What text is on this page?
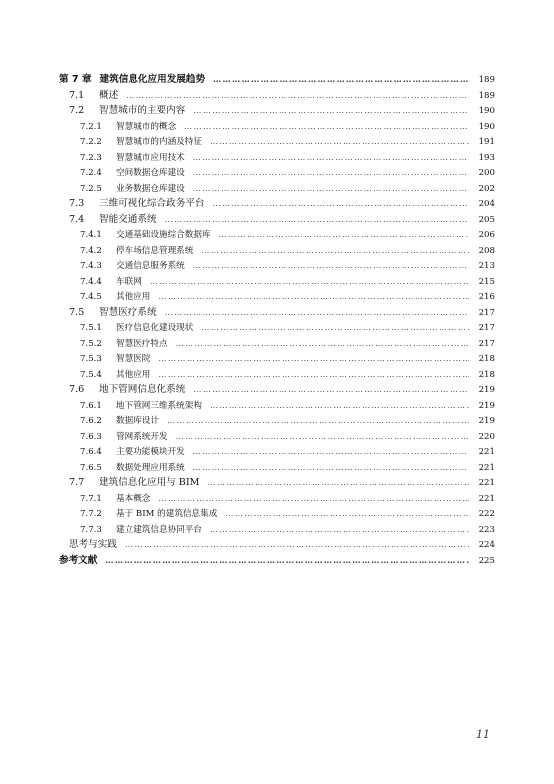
第 7 章 建筑信息化应用发展趋势 ……………………………………………………………………………………………………………………………………………………………………………	189
7.1	概述 ……………………………………………………………………………………………………………………………………………………………………………	189
7.2	智慧城市的主要内容 ……………………………………………………………………………………………………………………………………………………………………………	190
7.2.1	智慧城市的概念 ……………………………………………………………………………………………………………………………………………………………………………	190
7.2.2	智慧城市的内涵及特征 ……………………………………………………………………………………………………………………………………………………………………………	191
7.2.3	智慧城市应用技术 ……………………………………………………………………………………………………………………………………………………………………………	193
7.2.4	空间数据仓库建设 ……………………………………………………………………………………………………………………………………………………………………………	200
7.2.5	业务数据仓库建设 ……………………………………………………………………………………………………………………………………………………………………………	202
7.3	三维可视化综合政务平台 ……………………………………………………………………………………………………………………………………………………………………………	204
7.4	智能交通系统 ……………………………………………………………………………………………………………………………………………………………………………	205
7.4.1	交通基础设施综合数据库 ……………………………………………………………………………………………………………………………………………………………………………	206
7.4.2	停车场信息管理系统 ……………………………………………………………………………………………………………………………………………………………………………	208
7.4.3	交通信息服务系统 ……………………………………………………………………………………………………………………………………………………………………………	213
7.4.4	车联网 ……………………………………………………………………………………………………………………………………………………………………………	215
7.4.5	其他应用 ……………………………………………………………………………………………………………………………………………………………………………	216
7.5	智慧医疗系统 ……………………………………………………………………………………………………………………………………………………………………………	217
7.5.1	医疗信息化建设现状 ……………………………………………………………………………………………………………………………………………………………………………	217
7.5.2	智慧医疗特点 ……………………………………………………………………………………………………………………………………………………………………………	217
7.5.3	智慧医院 ……………………………………………………………………………………………………………………………………………………………………………	218
7.5.4	其他应用 ……………………………………………………………………………………………………………………………………………………………………………	218
7.6	地下管网信息化系统 ……………………………………………………………………………………………………………………………………………………………………………	219
7.6.1	地下管网三维系统架构 ……………………………………………………………………………………………………………………………………………………………………………	219
7.6.2	数据库设计 ……………………………………………………………………………………………………………………………………………………………………………	219
7.6.3	管网系统开发 ……………………………………………………………………………………………………………………………………………………………………………	220
7.6.4	主要功能模块开发 ……………………………………………………………………………………………………………………………………………………………………………	221
7.6.5	数据处理应用系统 ……………………………………………………………………………………………………………………………………………………………………………	221
7.7	建筑信息化应用与 BIM ……………………………………………………………………………………………………………………………………………………………………………	221
7.7.1	基本概念 ……………………………………………………………………………………………………………………………………………………………………………	221
7.7.2	基于 BIM 的建筑信息集成 ……………………………………………………………………………………………………………………………………………………………………………	222
7.7.3	建立建筑信息协同平台 ……………………………………………………………………………………………………………………………………………………………………………	223
思考与实践 ……………………………………………………………………………………………………………………………………………………………………………	224
参考文献 ……………………………………………………………………………………………………………………………………………………………………………	225
11
